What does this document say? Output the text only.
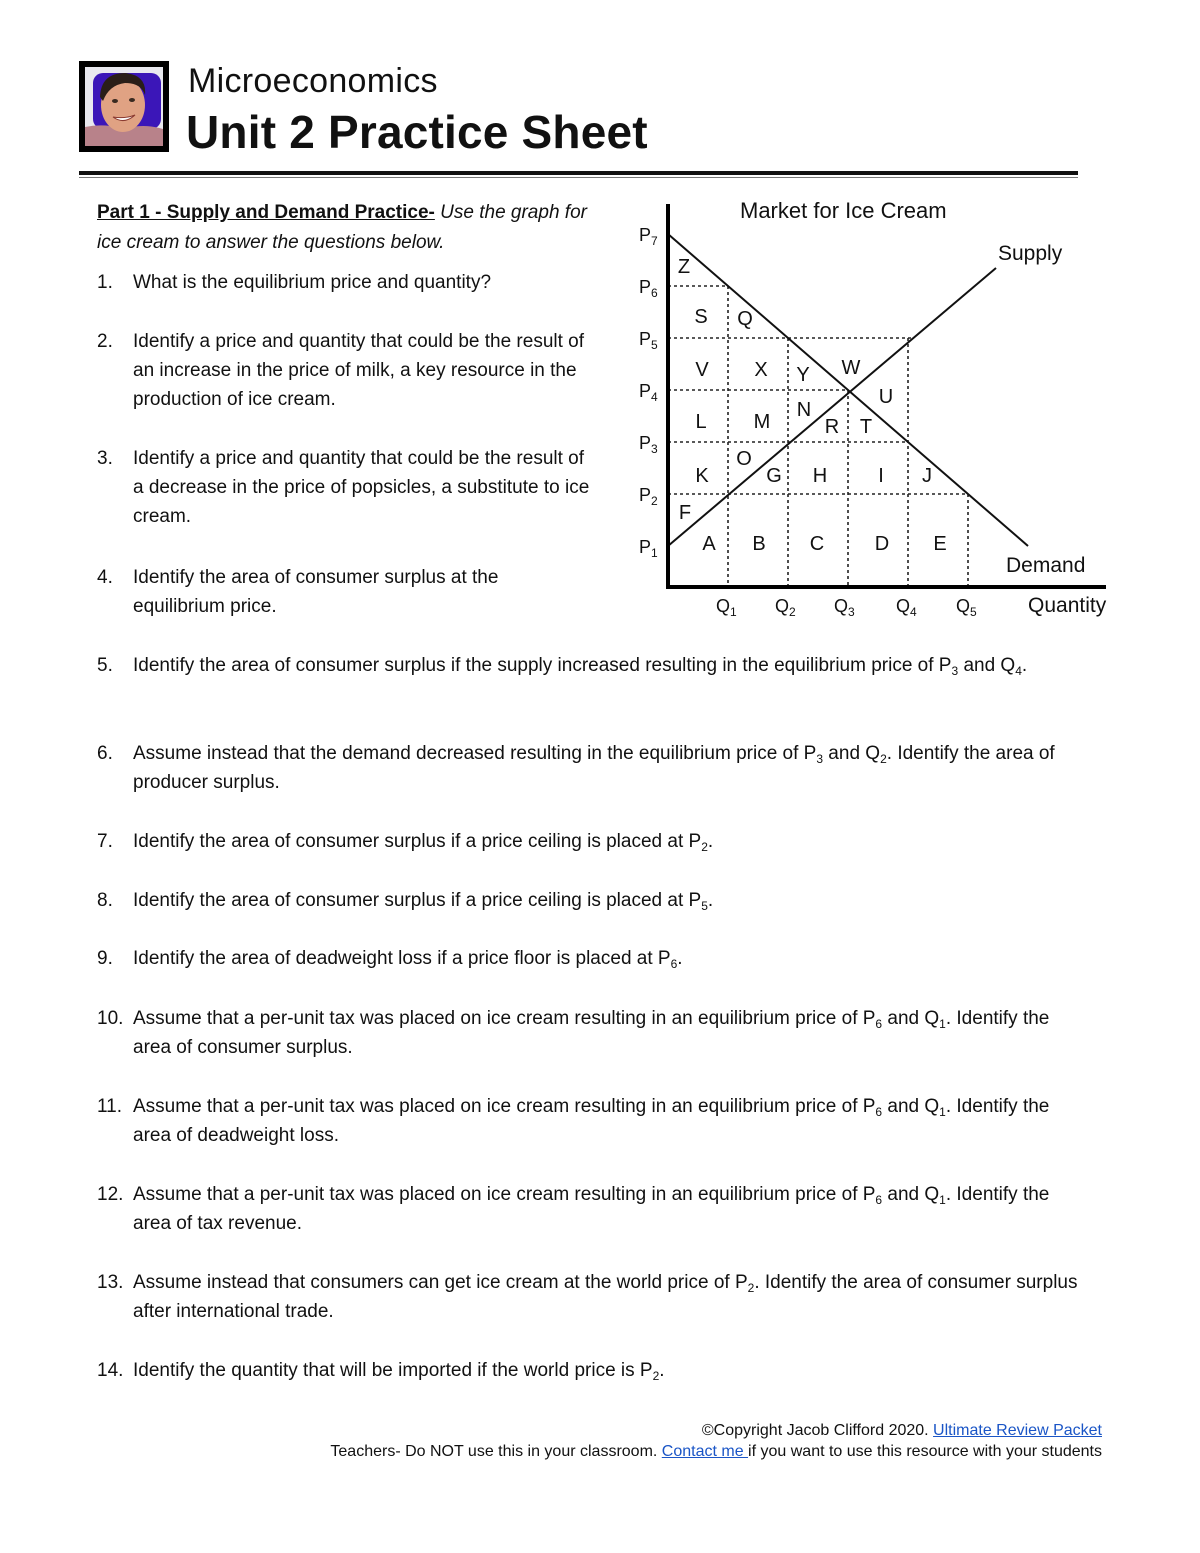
Microeconomics
Unit 2 Practice Sheet
Part 1 - Supply and Demand Practice- Use the graph for ice cream to answer the questions below.
1. What is the equilibrium price and quantity?
2. Identify a price and quantity that could be the result of an increase in the price of milk, a key resource in the production of ice cream.
3. Identify a price and quantity that could be the result of a decrease in the price of popsicles, a substitute to ice cream.
4. Identify the area of consumer surplus at the equilibrium price.
5. Identify the area of consumer surplus if the supply increased resulting in the equilibrium price of $P_3$ and $Q_4$.
6. Assume instead that the demand decreased resulting in the equilibrium price of $P_3$ and $Q_2$. Identify the area of producer surplus.
7. Identify the area of consumer surplus if a price ceiling is placed at $P_2$.
8. Identify the area of consumer surplus if a price ceiling is placed at $P_5$.
9. Identify the area of deadweight loss if a price floor is placed at $P_6$.
10. Assume that a per-unit tax was placed on ice cream resulting in an equilibrium price of $P_6$ and $Q_1$. Identify the area of consumer surplus.
11. Assume that a per-unit tax was placed on ice cream resulting in an equilibrium price of $P_6$ and $Q_1$. Identify the area of deadweight loss.
12. Assume that a per-unit tax was placed on ice cream resulting in an equilibrium price of $P_6$ and $Q_1$. Identify the area of tax revenue.
13. Assume instead that consumers can get ice cream at the world price of $P_2$. Identify the area of consumer surplus after international trade.
14. Identify the quantity that will be imported if the world price is $P_2$.
Market for Ice Cream
Supply
Demand
Quantity
$P_1$
$P_2$
$P_3$
$P_4$
$P_5$
$P_6$
$P_7$
$Q_1$ $Q_2$ $Q_3$ $Q_4$ $Q_5$
Z
S Q
V X Y W
U
L M
N
R T
K
O
G H	I J
F
A B C	D E
©Copyright Jacob Clifford 2020. Ultimate Review Packet
Teachers- Do NOT use this in your classroom. Contact me if you want to use this resource with your students
